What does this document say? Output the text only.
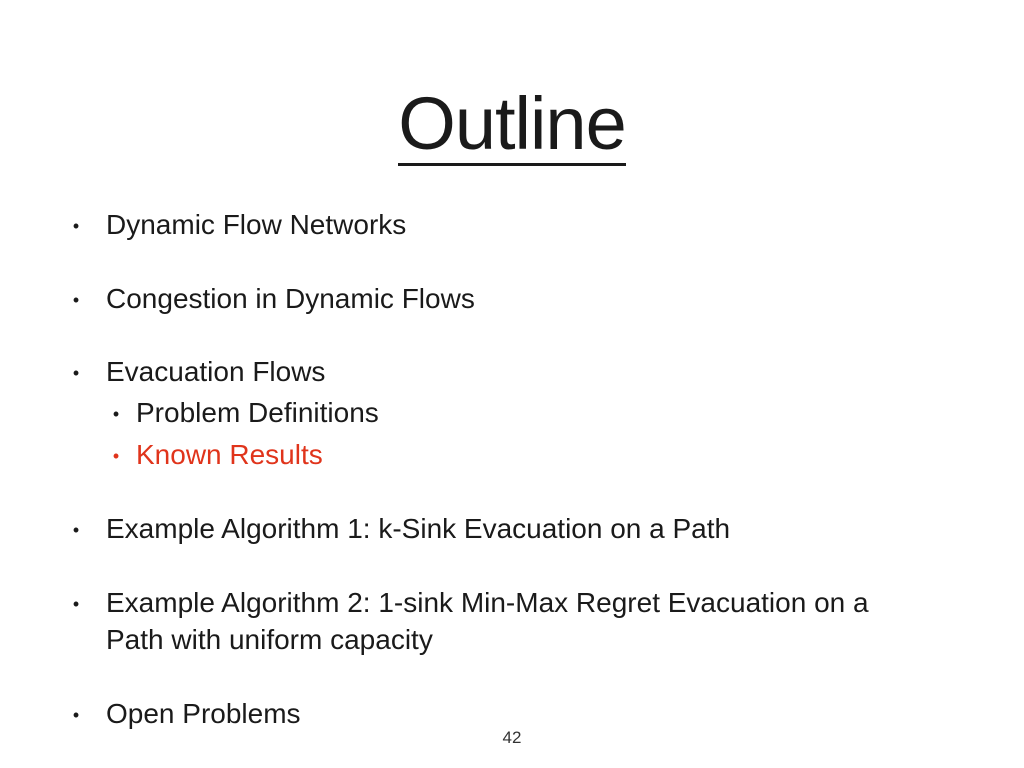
Outline
• Dynamic Flow Networks
• Congestion in Dynamic Flows
• Evacuation Flows
• Problem Definitions
• Known Results
• Example Algorithm 1: k-Sink Evacuation on a Path
• Example Algorithm 2: 1-sink Min-Max Regret Evacuation on a
Path with uniform capacity
• Open Problems
42
